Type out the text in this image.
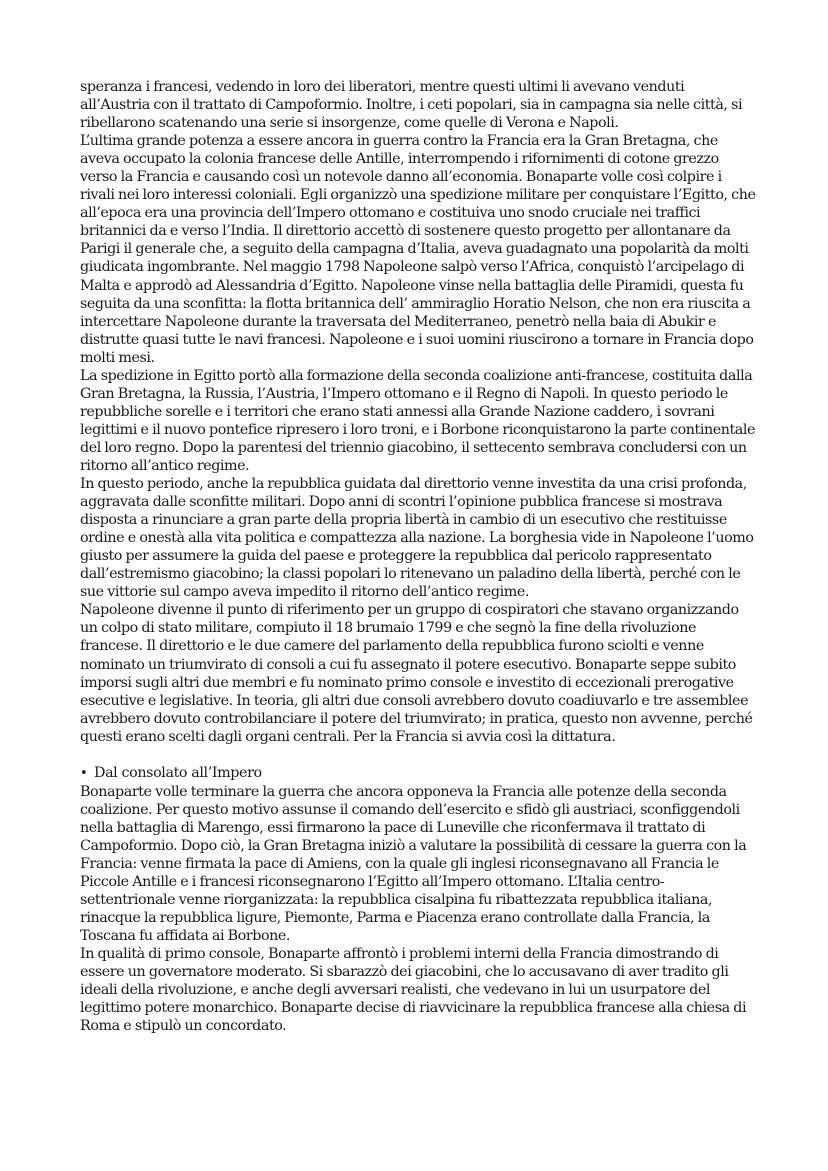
speranza i francesi, vedendo in loro dei liberatori, mentre questi ultimi li avevano venduti all’Austria con il trattato di Campoformio. Inoltre, i ceti popolari, sia in campagna sia nelle città, si ribellarono scatenando una serie si insorgenze, come quelle di Verona e Napoli.

L’ultima grande potenza a essere ancora in guerra contro la Francia era la Gran Bretagna, che aveva occupato la colonia francese delle Antille, interrompendo i rifornimenti di cotone grezzo verso la Francia e causando così un notevole danno all’economia. Bonaparte volle così colpire i rivali nei loro interessi coloniali. Egli organizzò una spedizione militare per conquistare l’Egitto, che all’epoca era una provincia dell’Impero ottomano e costituiva uno snodo cruciale nei traffici britannici da e verso l’India. Il direttorio accettò di sostenere questo progetto per allontanare da Parigi il generale che, a seguito della campagna d’Italia, aveva guadagnato una popolarità da molti giudicata ingombrante. Nel maggio 1798 Napoleone salpò verso l’Africa, conquistò l’arcipelago di Malta e approdò ad Alessandria d’Egitto. Napoleone vinse nella battaglia delle Piramidi, questa fu seguita da una sconfitta: la flotta britannica dell’ ammiraglio Horatio Nelson, che non era riuscita a intercettare Napoleone durante la traversata del Mediterraneo, penetrò nella baia di Abukir e distrutte quasi tutte le navi francesi. Napoleone e i suoi uomini riuscirono a tornare in Francia dopo molti mesi.

La spedizione in Egitto portò alla formazione della seconda coalizione anti-francese, costituita dalla Gran Bretagna, la Russia, l’Austria, l’Impero ottomano e il Regno di Napoli. In questo periodo le repubbliche sorelle e i territori che erano stati annessi alla Grande Nazione caddero, i sovrani legittimi e il nuovo pontefice ripresero i loro troni, e i Borbone riconquistarono la parte continentale del loro regno. Dopo la parentesi del triennio giacobino, il settecento sembrava concludersi con un ritorno all’antico regime.

In questo periodo, anche la repubblica guidata dal direttorio venne investita da una crisi profonda, aggravata dalle sconfitte militari. Dopo anni di scontri l’opinione pubblica francese si mostrava disposta a rinunciare a gran parte della propria libertà in cambio di un esecutivo che restituisse ordine e onestà alla vita politica e compattezza alla nazione. La borghesia vide in Napoleone l’uomo giusto per assumere la guida del paese e proteggere la repubblica dal pericolo rappresentato dall’estremismo giacobino; la classi popolari lo ritenevano un paladino della libertà, perché con le sue vittorie sul campo aveva impedito il ritorno dell’antico regime.

Napoleone divenne il punto di riferimento per un gruppo di cospiratori che stavano organizzando un colpo di stato militare, compiuto il 18 brumaio 1799 e che segnò la fine della rivoluzione francese. Il direttorio e le due camere del parlamento della repubblica furono sciolti e venne nominato un triumvirato di consoli a cui fu assegnato il potere esecutivo. Bonaparte seppe subito imporsi sugli altri due membri e fu nominato primo console e investito di eccezionali prerogative esecutive e legislative. In teoria, gli altri due consoli avrebbero dovuto coadiuvarlo e tre assemblee avrebbero dovuto controbilanciare il potere del triumvirato; in pratica, questo non avvenne, perché questi erano scelti dagli organi centrali. Per la Francia si avvia così la dittatura.

• Dal consolato all’Impero

Bonaparte volle terminare la guerra che ancora opponeva la Francia alle potenze della seconda coalizione. Per questo motivo assunse il comando dell’esercito e sfidò gli austriaci, sconfiggendoli nella battaglia di Marengo, essi firmarono la pace di Luneville che riconfermava il trattato di Campoformio. Dopo ciò, la Gran Bretagna iniziò a valutare la possibilità di cessare la guerra con la Francia: venne firmata la pace di Amiens, con la quale gli inglesi riconsegnavano all Francia le Piccole Antille e i francesi riconsegnarono l’Egitto all’Impero ottomano. L’Italia centro-settentrionale venne riorganizzata: la repubblica cisalpina fu ribattezzata repubblica italiana, rinacque la repubblica ligure, Piemonte, Parma e Piacenza erano controllate dalla Francia, la Toscana fu affidata ai Borbone.

In qualità di primo console, Bonaparte affrontò i problemi interni della Francia dimostrando di essere un governatore moderato. Si sbarazzò dei giacobini, che lo accusavano di aver tradito gli ideali della rivoluzione, e anche degli avversari realisti, che vedevano in lui un usurpatore del legittimo potere monarchico. Bonaparte decise di riavvicinare la repubblica francese alla chiesa di Roma e stipulò un concordato.
